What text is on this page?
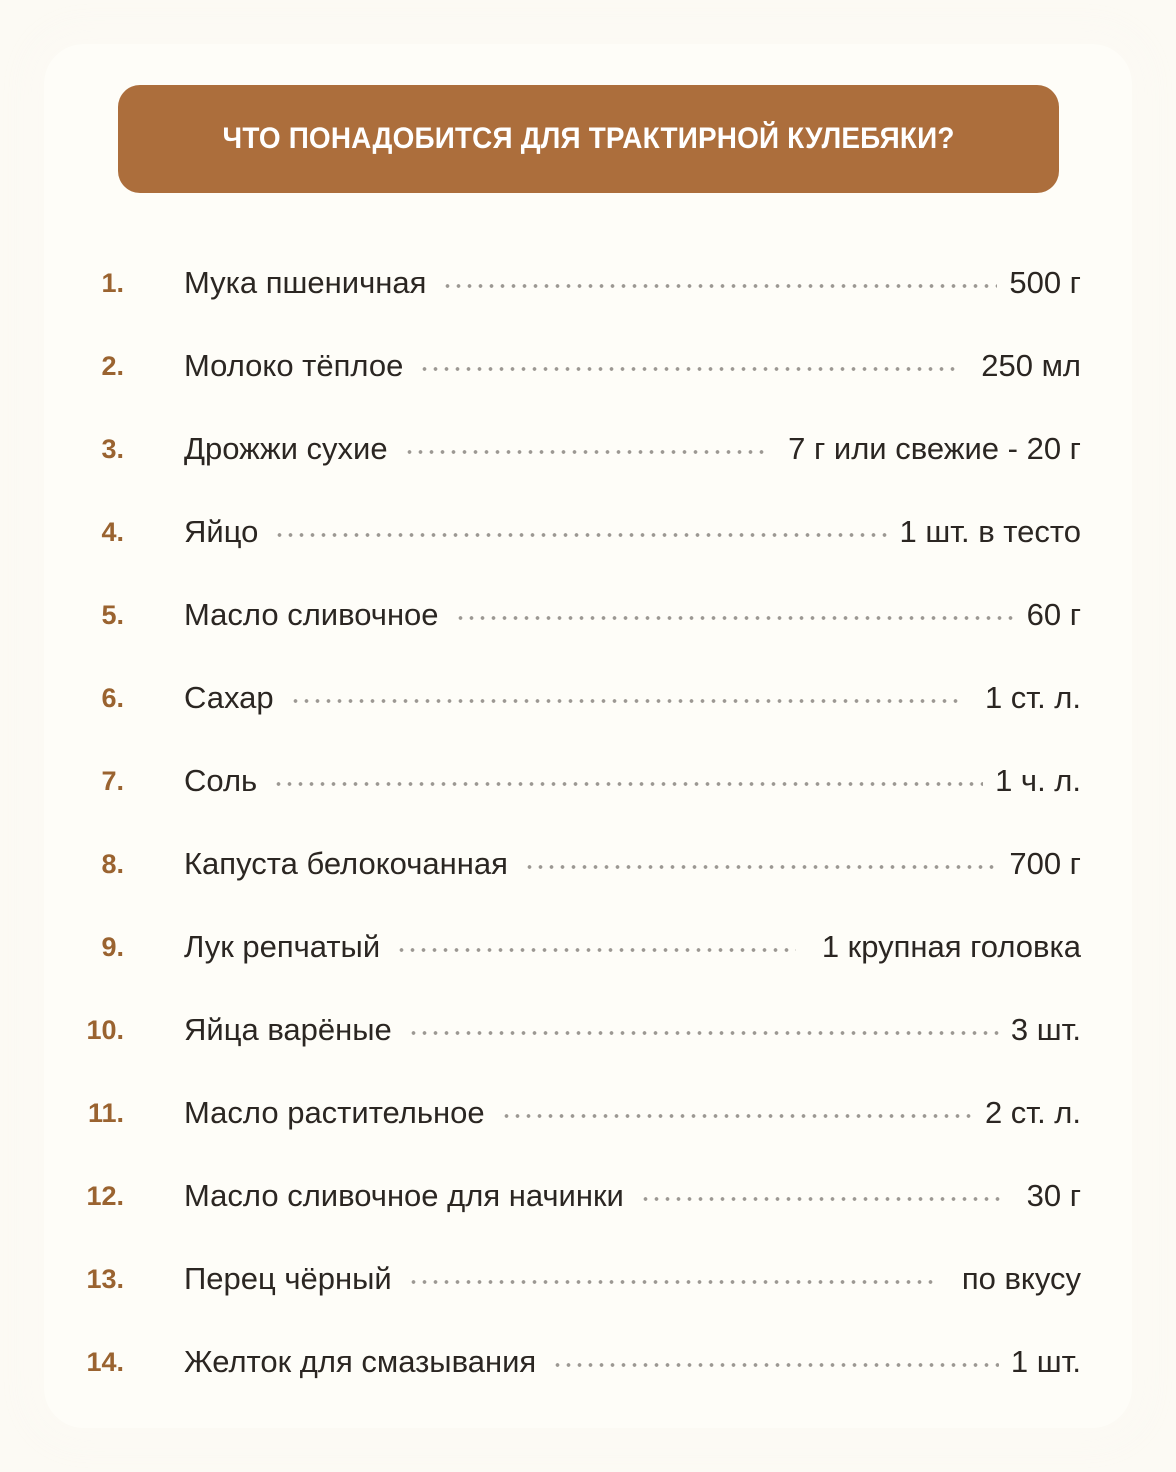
ЧТО ПОНАДОБИТСЯ ДЛЯ ТРАКТИРНОЙ КУЛЕБЯКИ?
1. Мука пшеничная	500 г
2. Молоко тёплое	250 мл
3. Дрожжи сухие	7 г или свежие - 20 г
4. Яйцо	1 шт. в тесто
5. Масло сливочное	60 г
6. Сахар	1 ст. л.
7. Соль	1 ч. л.
8. Капуста белокочанная	700 г
9. Лук репчатый	1 крупная головка
10. Яйца варёные	3 шт.
11. Масло растительное	2 ст. л.
12. Масло сливочное для начинки	30 г
13. Перец чёрный	по вкусу
14. Желток для смазывания	1 шт.
